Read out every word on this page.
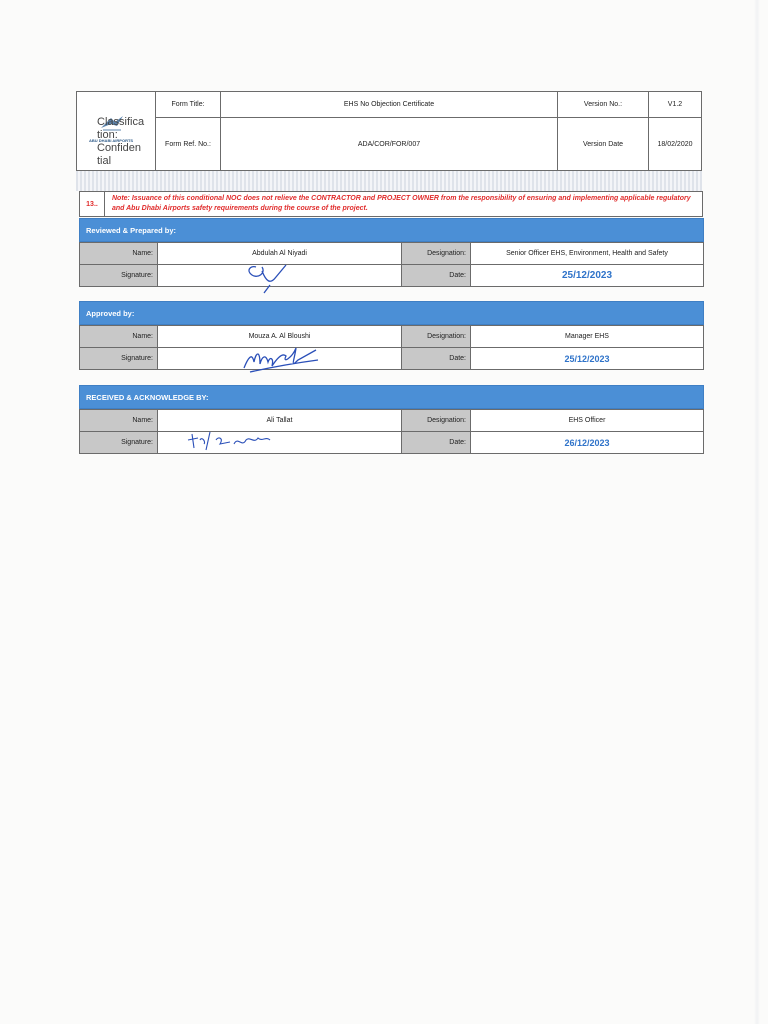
ABU DHABI AIRPORTS
Classifica
tion:
Confiden
tial
Form Title:	EHS No Objection Certificate	Version No.:	V1.2
Form Ref. No.:	ADA/COR/FOR/007	Version Date	18/02/2020
13..
Note: Issuance of this conditional NOC does not relieve the CONTRACTOR and PROJECT OWNER from the responsibility of ensuring and implementing applicable regulatory and Abu Dhabi Airports safety requirements during the course of the project.
Reviewed & Prepared by:
Name:	Abdulah Al Niyadi	Designation:	Senior Officer EHS, Environment, Health and Safety
Signature:		Date:	25/12/2023
Approved by:
Name:	Mouza A. Al Bloushi	Designation:	Manager EHS
Signature:		Date:	25/12/2023
RECEIVED & ACKNOWLEDGE BY:
Name:	Ali Tallat	Designation:	EHS Officer
Signature:		Date:	26/12/2023
